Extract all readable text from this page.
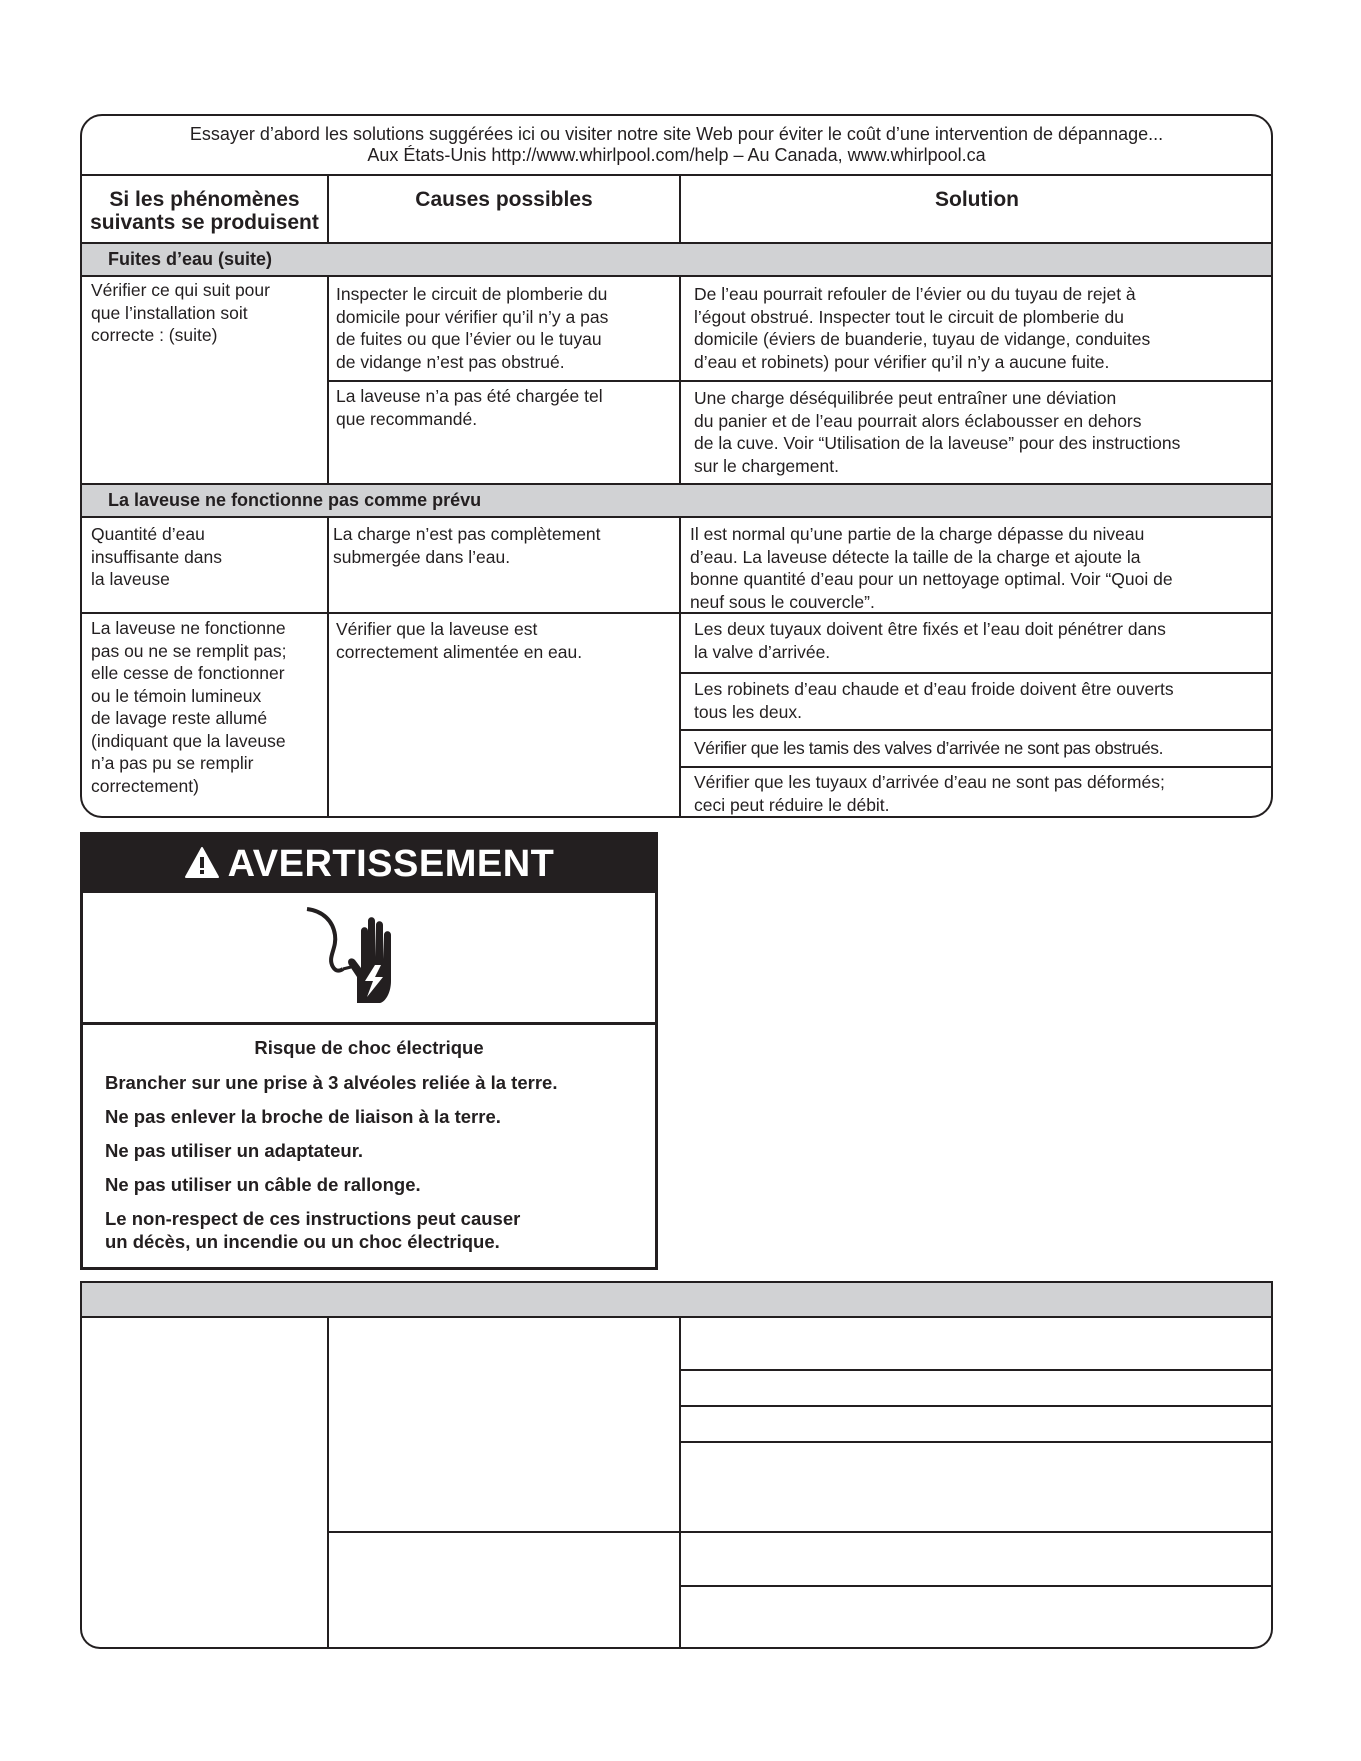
Essayer d’abord les solutions suggérées ici ou visiter notre site Web pour éviter le coût d’une intervention de dépannage...
Aux États-Unis http://www.whirlpool.com/help – Au Canada, www.whirlpool.ca
Si les phénomènes
suivants se produisent
Causes possibles	Solution
Fuites d’eau (suite)
Vérifier ce qui suit pour
que l’installation soit
correcte : (suite)
Inspecter le circuit de plomberie du
domicile pour vérifier qu’il n’y a pas
de fuites ou que l’évier ou le tuyau
de vidange n’est pas obstrué.
De l’eau pourrait refouler de l’évier ou du tuyau de rejet à
l’égout obstrué. Inspecter tout le circuit de plomberie du
domicile (éviers de buanderie, tuyau de vidange, conduites
d’eau et robinets) pour vérifier qu’il n’y a aucune fuite.
La laveuse n’a pas été chargée tel
que recommandé.
Une charge déséquilibrée peut entraîner une déviation
du panier et de l’eau pourrait alors éclabousser en dehors
de la cuve. Voir “Utilisation de la laveuse” pour des instructions
sur le chargement.
La laveuse ne fonctionne pas comme prévu
Quantité d’eau
insuffisante dans
la laveuse
La charge n’est pas complètement
submergée dans l’eau.
Il est normal qu’une partie de la charge dépasse du niveau
d’eau. La laveuse détecte la taille de la charge et ajoute la
bonne quantité d’eau pour un nettoyage optimal. Voir “Quoi de
neuf sous le couvercle”.
La laveuse ne fonctionne
pas ou ne se remplit pas;
elle cesse de fonctionner
ou le témoin lumineux
de lavage reste allumé
(indiquant que la laveuse
n’a pas pu se remplir
correctement)
Vérifier que la laveuse est
correctement alimentée en eau.
Les deux tuyaux doivent être fixés et l’eau doit pénétrer dans
la valve d’arrivée.
Les robinets d’eau chaude et d’eau froide doivent être ouverts
tous les deux.
Vérifier que les tamis des valves d’arrivée ne sont pas obstrués.
Vérifier que les tuyaux d’arrivée d’eau ne sont pas déformés;
ceci peut réduire le débit.
AVERTISSEMENT
Risque de choc électrique
Brancher sur une prise à 3 alvéoles reliée à la terre.
Ne pas enlever la broche de liaison à la terre.
Ne pas utiliser un adaptateur.
Ne pas utiliser un câble de rallonge.
Le non-respect de ces instructions peut causer
un décès, un incendie ou un choc électrique.
